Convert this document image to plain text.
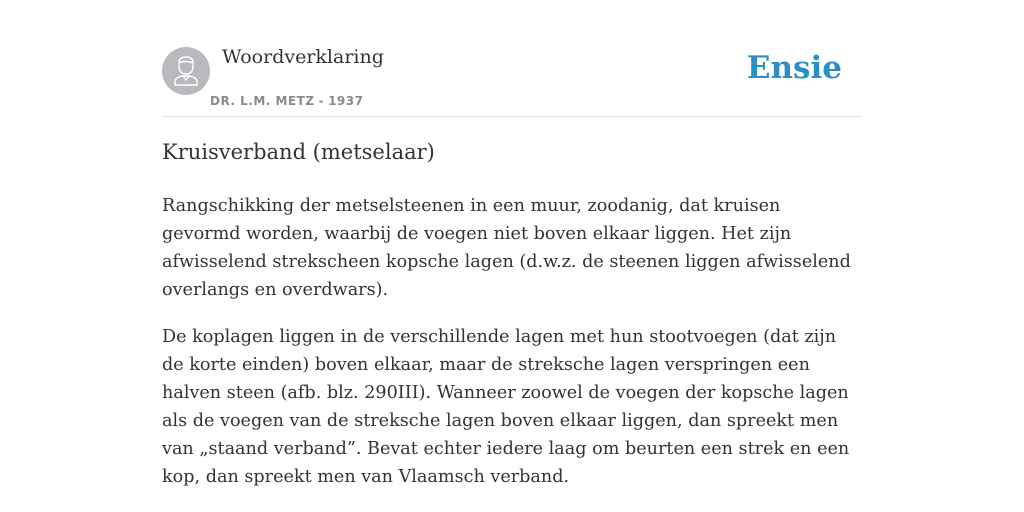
Woordverklaring
DR. L.M. METZ - 1937
Ensie
Kruisverband (metselaar)

Rangschikking der metselsteenen in een muur, zoodanig, dat kruisen gevormd worden, waarbij de voegen niet boven elkaar liggen. Het zijn afwisselend strekscheen kopsche lagen (d.w.z. de steenen liggen afwisselend overlangs en overdwars).

De koplagen liggen in de verschillende lagen met hun stootvoegen (dat zijn de korte einden) boven elkaar, maar de streksche lagen verspringen een halven steen (afb. blz. 290III). Wanneer zoowel de voegen der kopsche lagen als de voegen van de streksche lagen boven elkaar liggen, dan spreekt men van „staand verband”. Bevat echter iedere laag om beurten een strek en een kop, dan spreekt men van Vlaamsch verband.
